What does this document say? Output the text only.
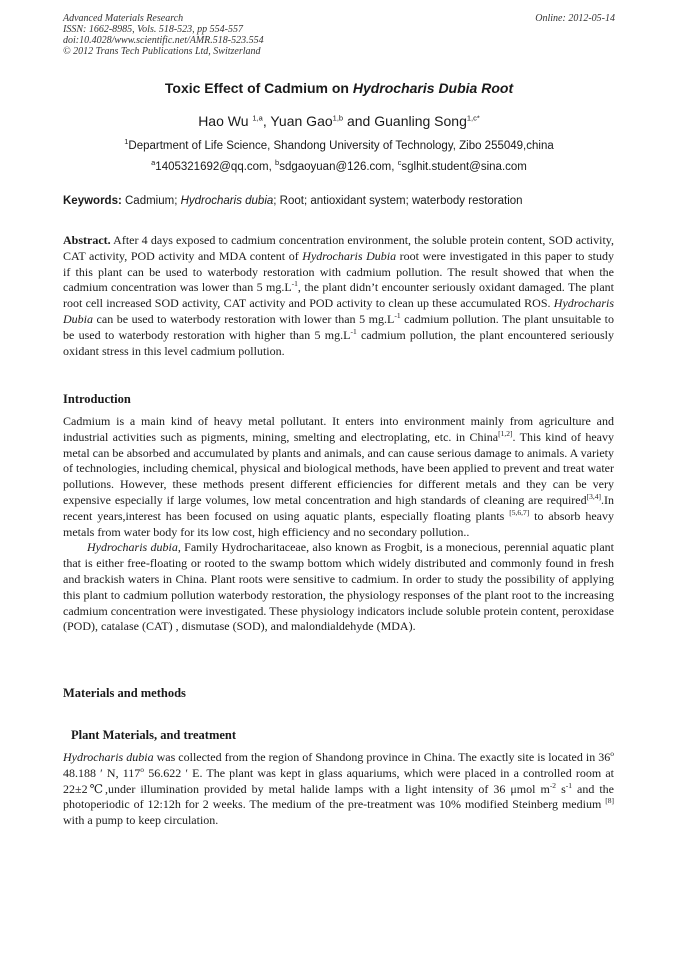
Advanced Materials Research
ISSN: 1662-8985, Vols. 518-523, pp 554-557
doi:10.4028/www.scientific.net/AMR.518-523.554
© 2012 Trans Tech Publications Ltd, Switzerland
Online: 2012-05-14
Toxic Effect of Cadmium on Hydrocharis Dubia Root
Hao Wu $^{1,a}$, Yuan Gao$^{1,b}$ and Guanling Song$^{1,c*}$
$^1$Department of Life Science, Shandong University of Technology, Zibo 255049,china
$^a$1405321692@qq.com, $^b$sdgaoyuan@126.com, $^c$sglhit.student@sina.com
Keywords: Cadmium; Hydrocharis dubia; Root; antioxidant system; waterbody restoration

Abstract. After 4 days exposed to cadmium concentration environment, the soluble protein content, SOD activity, CAT activity, POD activity and MDA content of Hydrocharis Dubia root were investigated in this paper to study if this plant can be used to waterbody restoration with cadmium pollution. The result showed that when the cadmium concentration was lower than 5 $mg.L^{-1}$, the plant didn’t encounter seriously oxidant damaged. The plant root cell increased SOD activity, CAT activity and POD activity to clean up these accumulated ROS. Hydrocharis Dubia can be used to waterbody restoration with lower than 5 $mg.L^{-1}$ cadmium pollution. The plant unsuitable to be used to waterbody restoration with higher than 5 $mg.L^{-1}$ cadmium pollution, the plant encountered seriously oxidant stress in this level cadmium pollution.

Introduction

Cadmium is a main kind of heavy metal pollutant. It enters into environment mainly from agriculture and industrial activities such as pigments, mining, smelting and electroplating, etc. in China[1,2]. This kind of heavy metal can be absorbed and accumulated by plants and animals, and can cause serious damage to animals. A variety of technologies, including chemical, physical and biological methods, have been applied to prevent and treat water pollutions. However, these methods present different efficiencies for different metals and they can be very expensive especially if large volumes, low metal concentration and high standards of cleaning are required[3,4].In recent years,interest has been focused on using aquatic plants, especially floating plants [5,6,7] to absorb heavy metals from water body for its low cost, high efficiency and no secondary pollution..

Hydrocharis dubia, Family Hydrocharitaceae, also known as Frogbit, is a monecious, perennial aquatic plant that is either free-floating or rooted to the swamp bottom which widely distributed and commonly found in fresh and brackish waters in China. Plant roots were sensitive to cadmium. In order to study the possibility of applying this plant to cadmium pollution waterbody restoration, the physiology responses of the plant root to the increasing cadmium concentration were investigated. These physiology indicators include soluble protein content, peroxidase (POD), catalase (CAT) , dismutase (SOD), and malondialdehyde (MDA).

Materials and methods
Plant Materials, and treatment

Hydrocharis dubia was collected from the region of Shandong province in China. The exactly site is located in 36$^o$ 48.188 ′ N, 117$^o$ 56.622 ′ E. The plant was kept in glass aquariums, which were placed in a controlled room at 22±2℃,under illumination provided by metal halide lamps with a light intensity of 36 μmol $m^{-2}$ $s^{-1}$ and the photoperiodic of 12:12h for 2 weeks. The medium of the pre-treatment was 10% modified Steinberg medium [8] with a pump to keep circulation.
